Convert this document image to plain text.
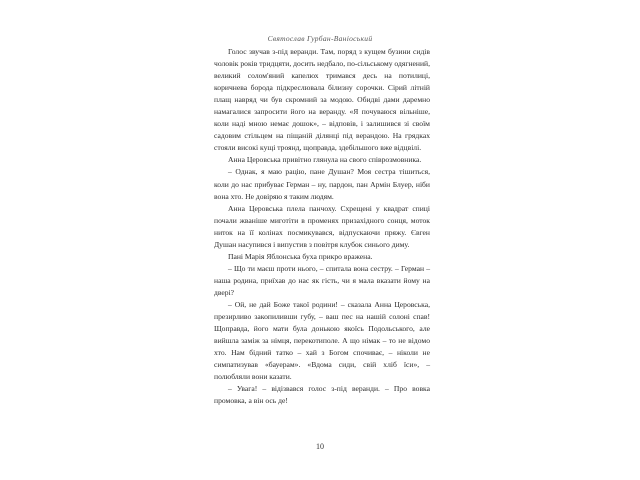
Святослав Гурбан-Ваніоський

Голос звучав з-під веранди. Там, поряд з кущем бузини сидів чоловік років тридцяти, досить недбало, по-сільському одягнений, великий солом'яний капелюх тримався десь на потилиці, коричнева борода підкреслювала білизну сорочки. Сірий літній плащ навряд чи був скромний за модою. Обидві дами даремно намагалися запросити його на веранду. «Я почуваюся вільніше, коли наді мною немає дошок», – відповів, і залишився зі своїм садовим стільцем на піщаній ділянці під верандою. На грядках стояли високі кущі троянд, щоправда, здебільшого вже відцвілі.

Анна Церовська привітно глянула на свого співрозмовника.

– Однак, я маю рацію, пане Душан? Моя сестра тішиться, коли до нас прибуває Герман – ну, пардон, пан Армін Блуер, ніби вона хто. Не довіряю я таким людям.

Анна Церовська плела панчоху. Схрещені у квадрат спиці почали жваніше миготіти в променях призахідного сонця, моток ниток на її колінах посмикувався, відпускаючи пряжу. Євген Душан насупився і випустив з повітря клубок синього диму.

Пані Марія Яблонська буха прикро вражена.

– Що ти маєш проти нього, – спитала вона сестру. – Герман – наша родина, приїхав до нас як гість, чи я мала вказати йому на двері?

– Ой, не дай Боже такої родини! – сказала Анна Церовська, презирливо закопиливши губу, – ваш пес на нашій солоні спав! Щоправда, його мати була донькою якоїсь Подольського, але вийшла заміж за німця, перекотиполе. А що німак – то не відомо хто. Нам бідний татко – хай з Богом спочиває, – ніколи не симпатизував «бауерам». «Вдома сиди, свій хліб їси», – полюбляли вони казати.

– Увага! – відізвався голос з-під веранди. – Про вовка промовка, а він ось де!

10
